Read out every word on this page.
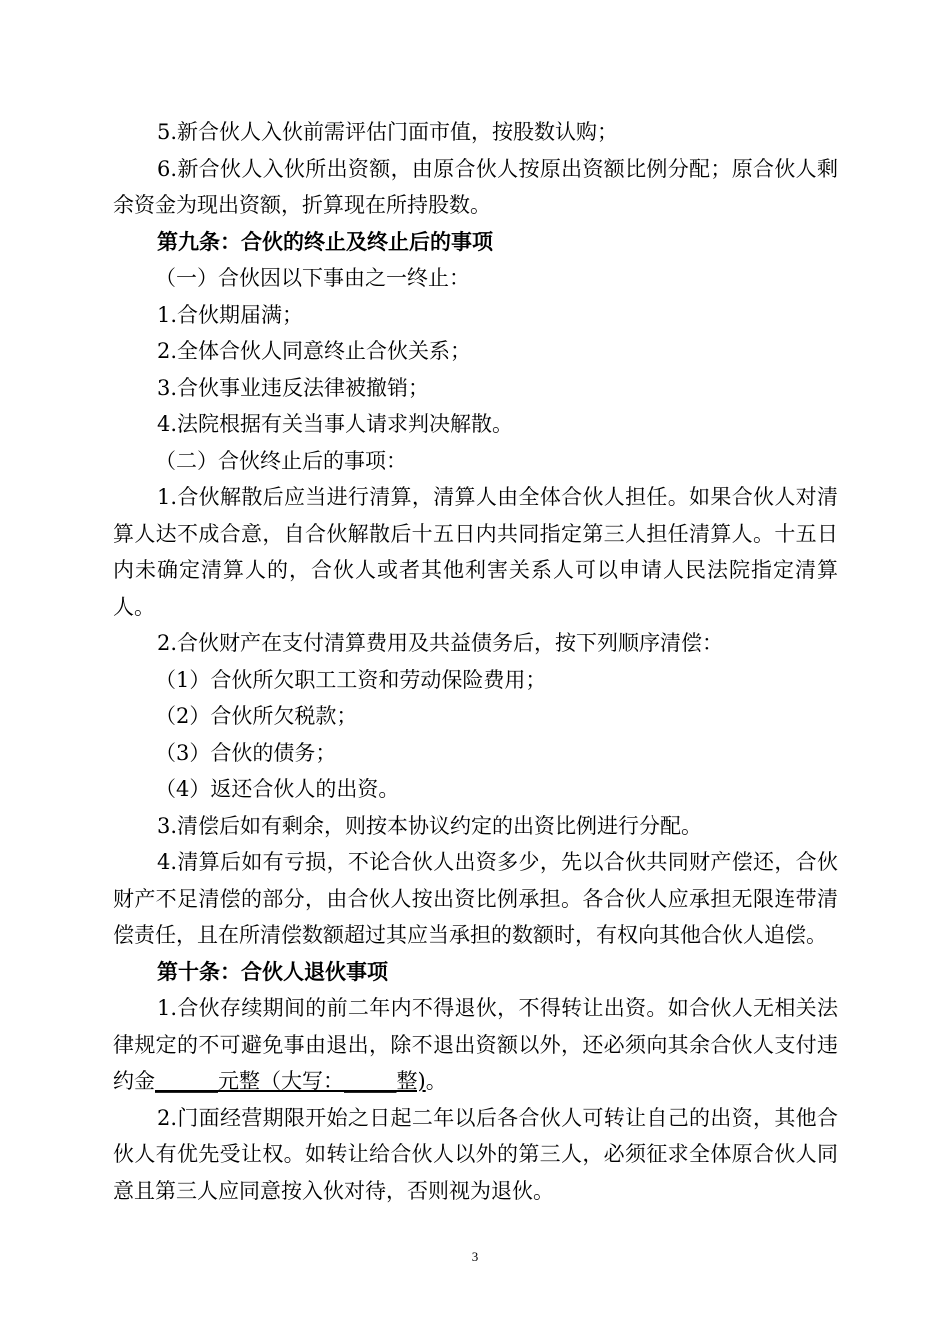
5.新合伙人入伙前需评估门面市值，按股数认购；

6.新合伙人入伙所出资额，由原合伙人按原出资额比例分配；原合伙人剩余资金为现出资额，折算现在所持股数。

第九条：合伙的终止及终止后的事项

（一）合伙因以下事由之一终止：

1.合伙期届满；

2.全体合伙人同意终止合伙关系；

3.合伙事业违反法律被撤销；

4.法院根据有关当事人请求判决解散。

（二）合伙终止后的事项：

1.合伙解散后应当进行清算，清算人由全体合伙人担任。如果合伙人对清算人达不成合意，自合伙解散后十五日内共同指定第三人担任清算人。十五日内未确定清算人的，合伙人或者其他利害关系人可以申请人民法院指定清算人。

2.合伙财产在支付清算费用及共益债务后，按下列顺序清偿：

（1）合伙所欠职工工资和劳动保险费用；

（2）合伙所欠税款；

（3）合伙的债务；

（4）返还合伙人的出资。

3.清偿后如有剩余，则按本协议约定的出资比例进行分配。

4.清算后如有亏损，不论合伙人出资多少，先以合伙共同财产偿还，合伙财产不足清偿的部分，由合伙人按出资比例承担。各合伙人应承担无限连带清偿责任，且在所清偿数额超过其应当承担的数额时，有权向其他合伙人追偿。

第十条：合伙人退伙事项

1.合伙存续期间的前二年内不得退伙，不得转让出资。如合伙人无相关法律规定的不可避免事由退出，除不退出资额以外，还必须向其余合伙人支付违约金______元整（大写：_____整)。

2.门面经营期限开始之日起二年以后各合伙人可转让自己的出资，其他合伙人有优先受让权。如转让给合伙人以外的第三人，必须征求全体原合伙人同意且第三人应同意按入伙对待，否则视为退伙。

3
